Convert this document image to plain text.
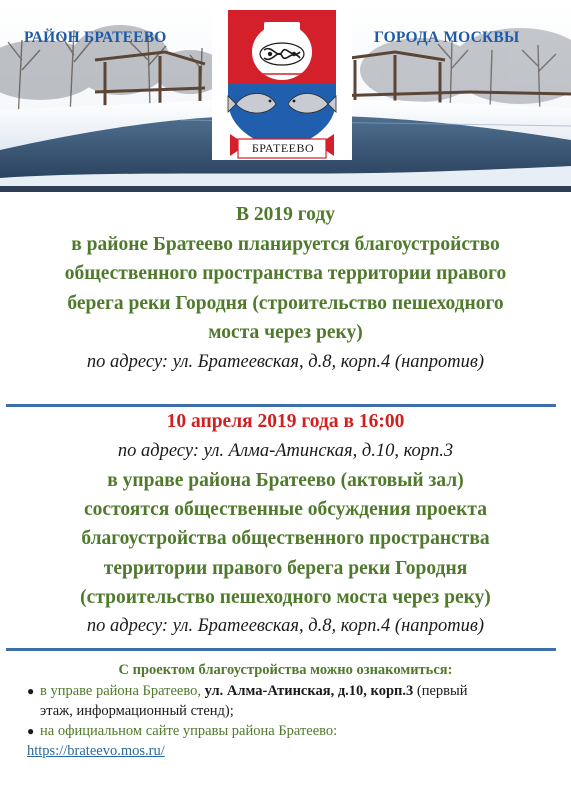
РАЙОН БРАТЕЕВО	ГОРОДА МОСКВЫ
БРАТЕЕВО
В 2019 году
в районе Братеево планируется благоустройство
общественного пространства территории правого
берега реки Городня (строительство пешеходного
моста через реку)
по адресу: ул. Братеевская, д.8, корп.4 (напротив)
10 апреля 2019 года в 16:00
по адресу: ул. Алма-Атинская, д.10, корп.3
в управе района Братеево (актовый зал)
состоятся общественные обсуждения проекта
благоустройства общественного пространства
территории правого берега реки Городня
(строительство пешеходного моста через реку)
по адресу: ул. Братеевская, д.8, корп.4 (напротив)
С проектом благоустройства можно ознакомиться:
● в управе района Братеево, ул. Алма-Атинская, д.10, корп.3 (первый
этаж, информационный стенд);
● на официальном сайте управы района Братеево:
https://brateevo.mos.ru/
